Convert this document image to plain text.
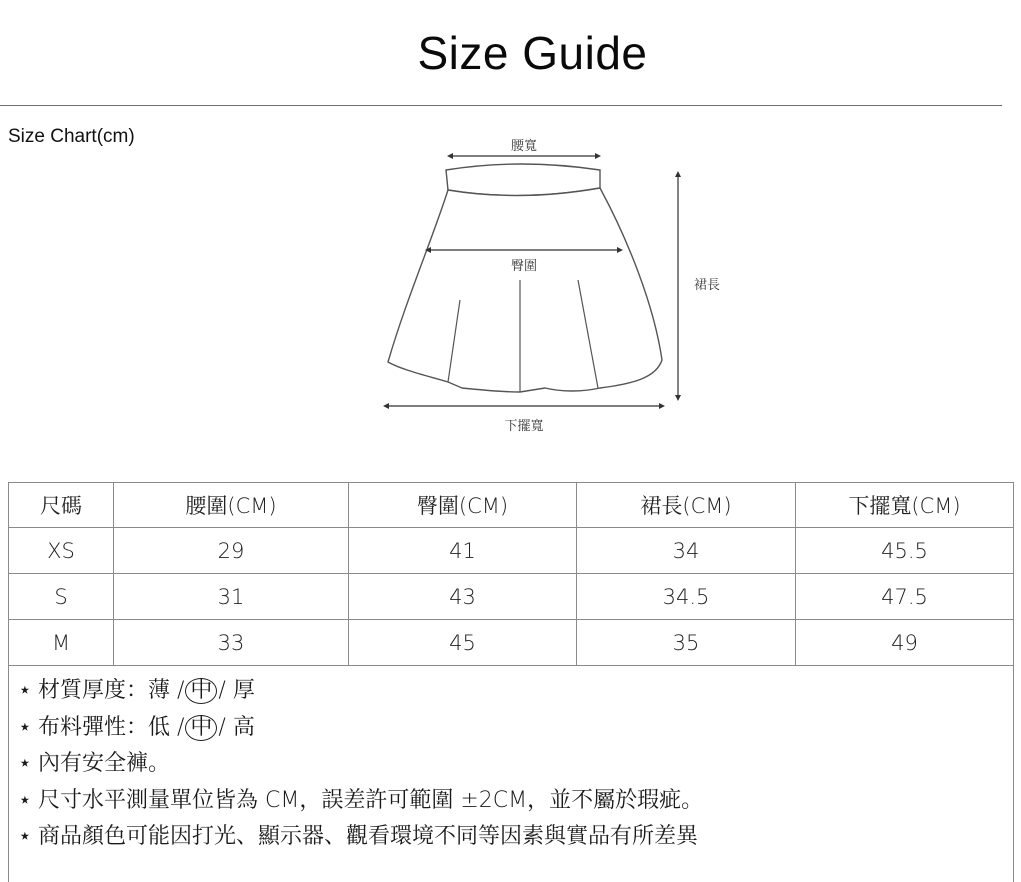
Size Guide
Size Chart(cm)	腰寬
臀圍
裙長
下擺寬
尺碼	腰圍(CM)	臀圍(CM)	裙長(CM)	下擺寬(CM)
XS	29	41	34	45.5
S	31	43	34.5	47.5
M	33	45	35	49
⋆ 材質厚度：薄 / 中 / 厚
⋆ 布料彈性：低 / 中 / 高
⋆ 內有安全褲。
⋆ 尺寸水平測量單位皆為 CM，誤差許可範圍 ±2CM，並不屬於瑕疵。
⋆ 商品顏色可能因打光、顯示器、觀看環境不同等因素與實品有所差異
